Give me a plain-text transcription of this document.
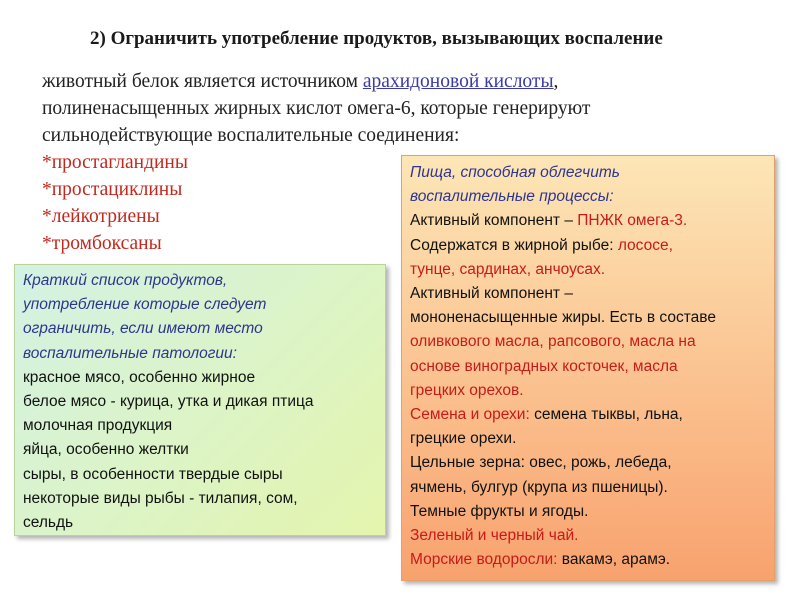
2) Ограничить употребление продуктов, вызывающих воспаление
животный белок является источником арахидоновой кислоты,
полиненасыщенных жирных кислот омега-6, которые генерируют
сильнодействующие воспалительные соединения:
*простагландины
*простациклины
*лейкотриены
*тромбоксаны
Краткий список продуктов,
употребление которые следует
ограничить, если имеют место
воспалительные патологии:
красное мясо, особенно жирное
белое мясо - курица, утка и дикая птица
молочная продукция
яйца, особенно желтки
сыры, в особенности твердые сыры
некоторые виды рыбы - тилапия, сом,
сельдь
Пища, способная облегчить
воспалительные процессы:
Активный компонент – ПНЖК омега-3.
Содержатся в жирной рыбе: лососе,
тунце, сардинах, анчоусах.
Активный компонент –
мононенасыщенные жиры. Есть в составе
оливкового масла, рапсового, масла на
основе виноградных косточек, масла
грецких орехов.
Семена и орехи: семена тыквы, льна,
грецкие орехи.
Цельные зерна: овес, рожь, лебеда,
ячмень, булгур (крупа из пшеницы).
Темные фрукты и ягоды.
Зеленый и черный чай.
Морские водоросли: вакамэ, арамэ.
